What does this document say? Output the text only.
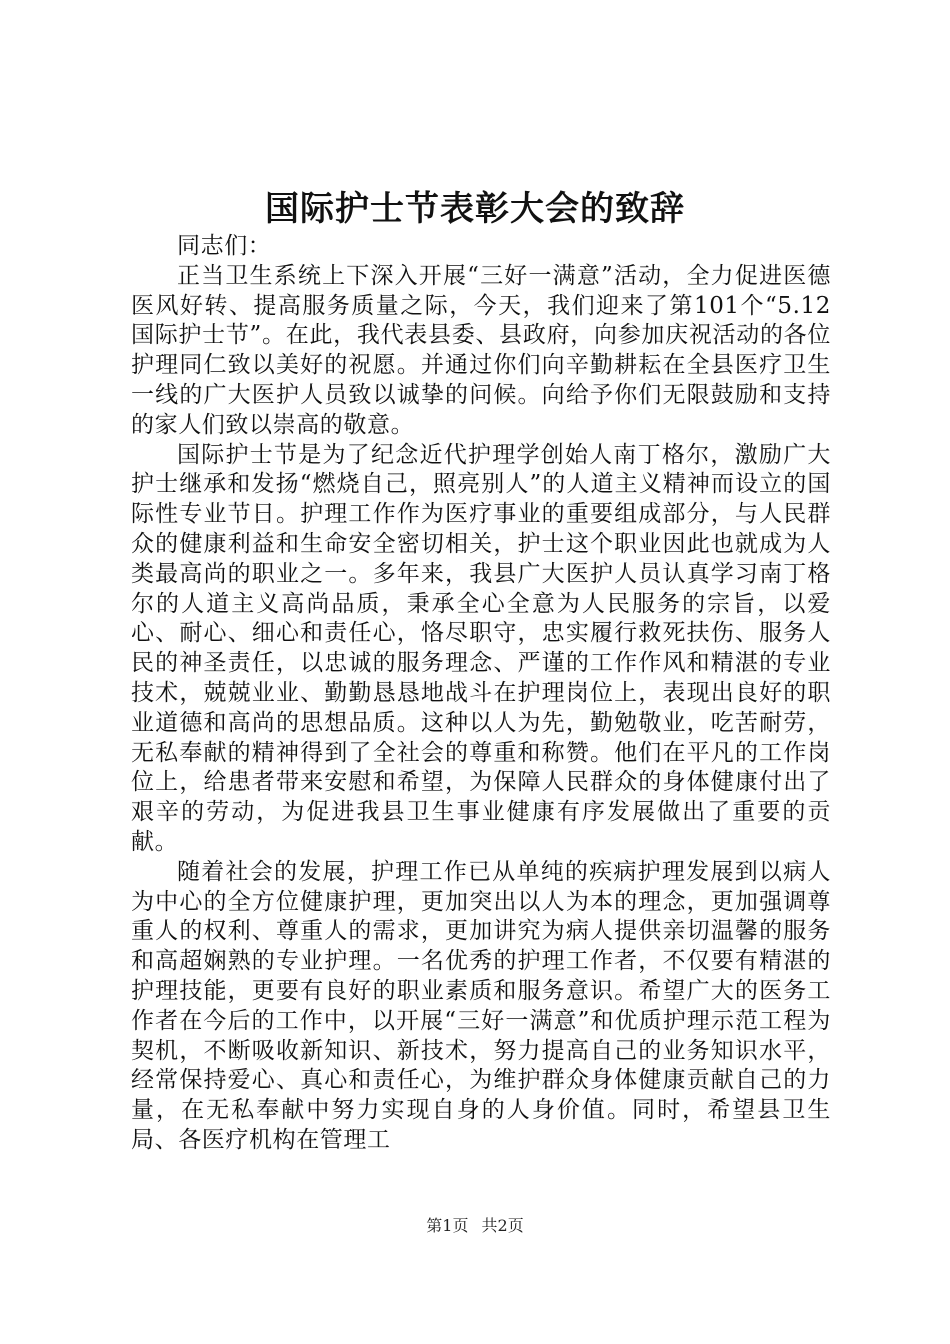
国际护士节表彰大会的致辞

同志们：

正当卫生系统上下深入开展“三好一满意”活动，全力促进医德医风好转、提高服务质量之际，今天，我们迎来了第101个“5.12国际护士节”。在此，我代表县委、县政府，向参加庆祝活动的各位护理同仁致以美好的祝愿。并通过你们向辛勤耕耘在全县医疗卫生一线的广大医护人员致以诚挚的问候。向给予你们无限鼓励和支持的家人们致以崇高的敬意。

国际护士节是为了纪念近代护理学创始人南丁格尔，激励广大护士继承和发扬“燃烧自己，照亮别人”的人道主义精神而设立的国际性专业节日。护理工作作为医疗事业的重要组成部分，与人民群众的健康利益和生命安全密切相关，护士这个职业因此也就成为人类最高尚的职业之一。多年来，我县广大医护人员认真学习南丁格尔的人道主义高尚品质，秉承全心全意为人民服务的宗旨，以爱心、耐心、细心和责任心，恪尽职守，忠实履行救死扶伤、服务人民的神圣责任，以忠诚的服务理念、严谨的工作作风和精湛的专业技术，兢兢业业、勤勤恳恳地战斗在护理岗位上，表现出良好的职业道德和高尚的思想品质。这种以人为先，勤勉敬业，吃苦耐劳，无私奉献的精神得到了全社会的尊重和称赞。他们在平凡的工作岗位上，给患者带来安慰和希望，为保障人民群众的身体健康付出了艰辛的劳动，为促进我县卫生事业健康有序发展做出了重要的贡献。

随着社会的发展，护理工作已从单纯的疾病护理发展到以病人为中心的全方位健康护理，更加突出以人为本的理念，更加强调尊重人的权利、尊重人的需求，更加讲究为病人提供亲切温馨的服务和高超娴熟的专业护理。一名优秀的护理工作者，不仅要有精湛的护理技能，更要有良好的职业素质和服务意识。希望广大的医务工作者在今后的工作中，以开展“三好一满意”和优质护理示范工程为契机，不断吸收新知识、新技术，努力提高自己的业务知识水平，经常保持爱心、真心和责任心，为维护群众身体健康贡献自己的力量，在无私奉献中努力实现自身的人身价值。同时，希望县卫生局、各医疗机构在管理工

第1页 共2页
